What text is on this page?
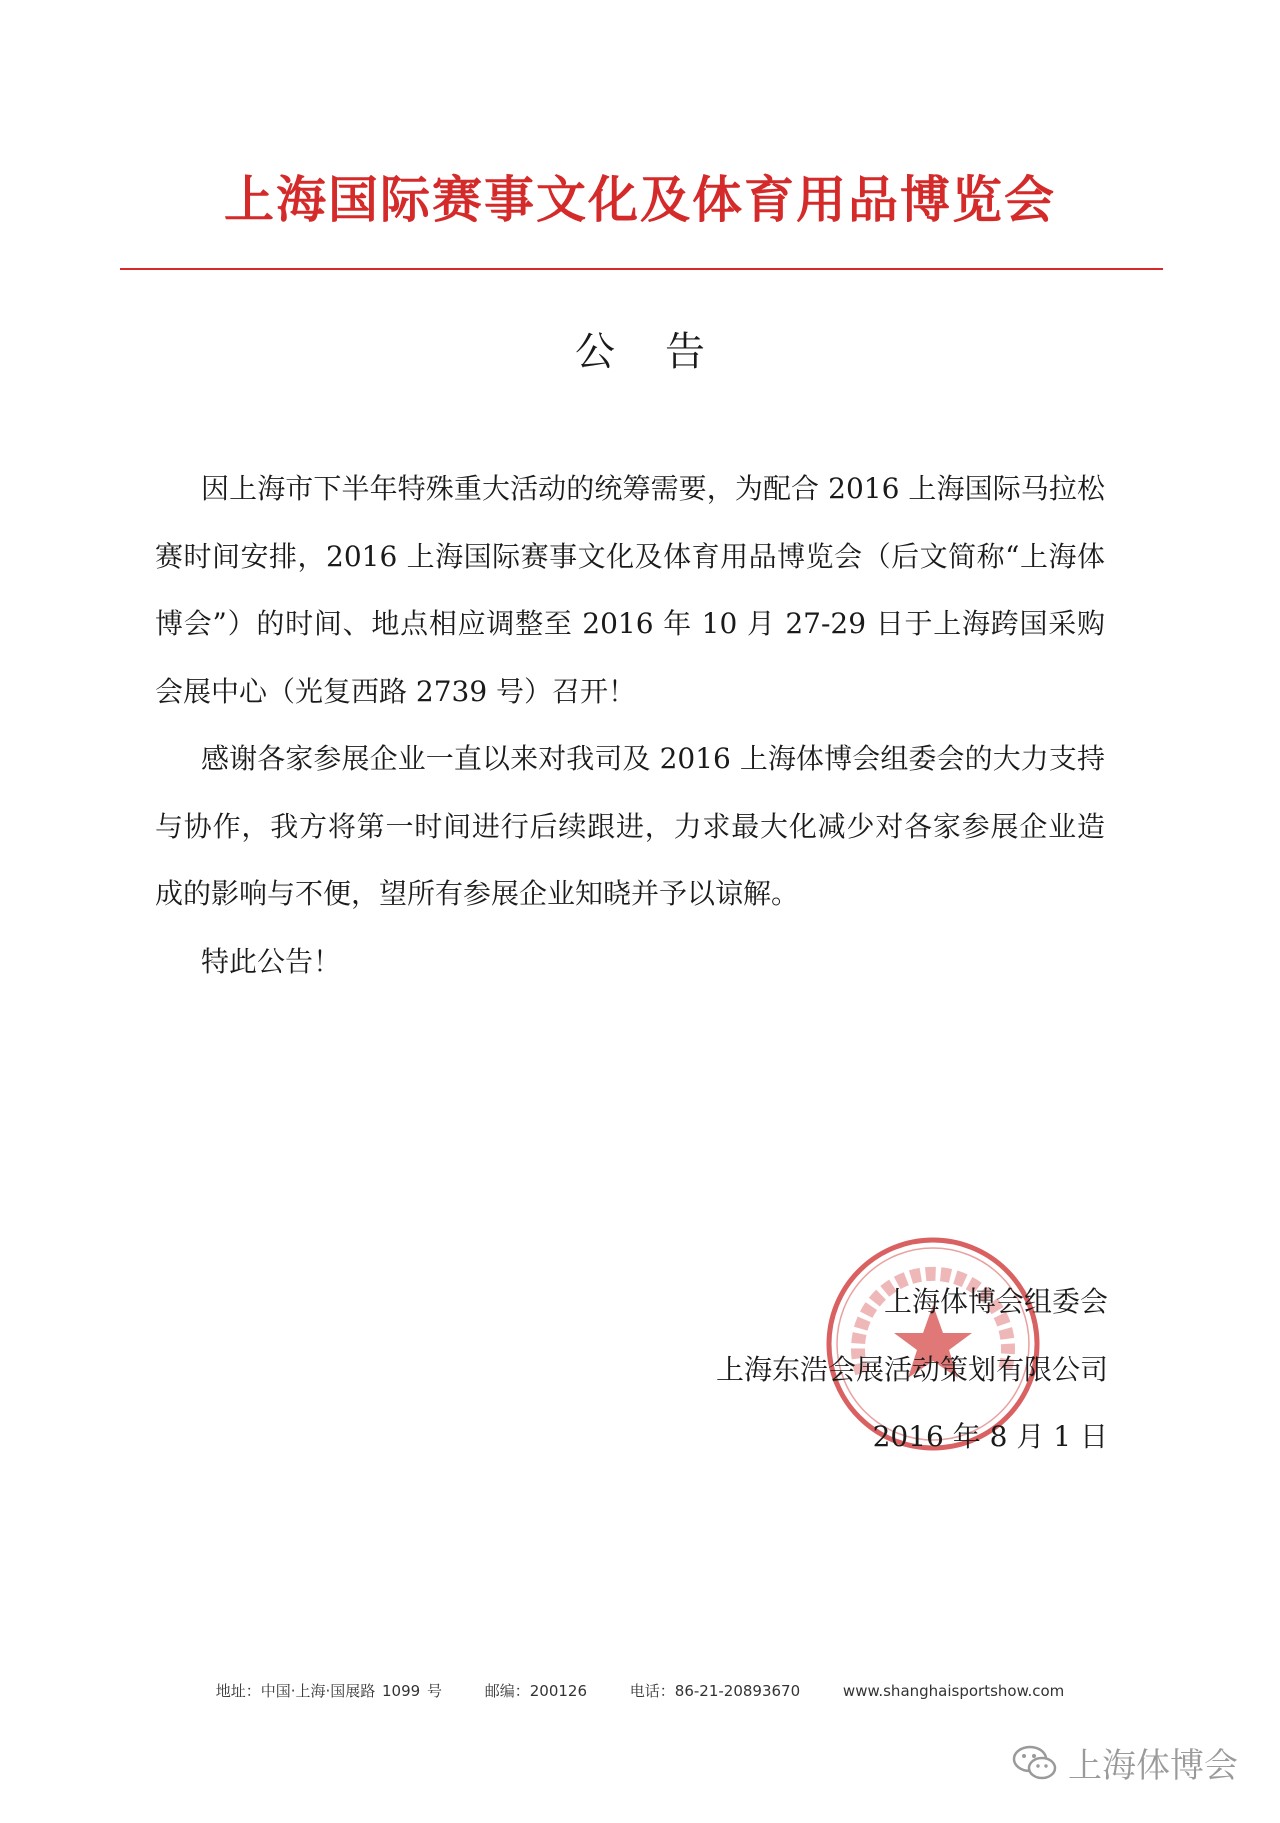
上海国际赛事文化及体育用品博览会
公告

因上海市下半年特殊重大活动的统筹需要，为配合 2016 上海国际马拉松赛时间安排，2016 上海国际赛事文化及体育用品博览会（后文简称“上海体博会”）的时间、地点相应调整至 2016 年 10 月 27-29 日于上海跨国采购会展中心（光复西路 2739 号）召开！

感谢各家参展企业一直以来对我司及 2016 上海体博会组委会的大力支持与协作，我方将第一时间进行后续跟进，力求最大化减少对各家参展企业造成的影响与不便，望所有参展企业知晓并予以谅解。

特此公告！

上海体博会组委会
上海东浩会展活动策划有限公司
2016 年 8 月 1 日
地址：中国·上海·国展路 1099 号	邮编：200126	电话：86-21-20893670	www.shanghaisportshow.com
上海体博会
